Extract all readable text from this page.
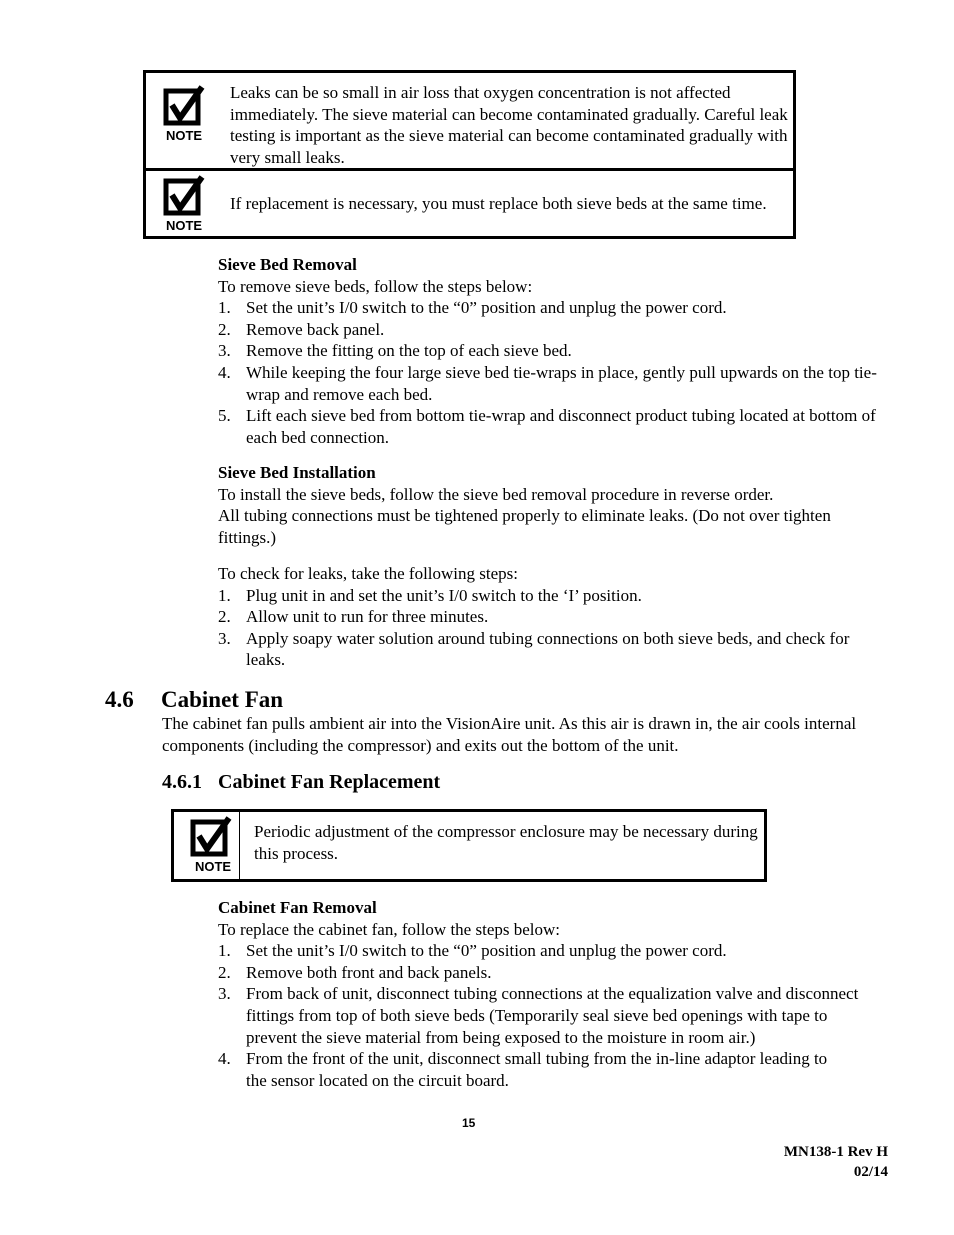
NOTE
Leaks can be so small in air loss that oxygen concentration is not affected immediately. The sieve material can become contaminated gradually. Careful leak testing is important as the sieve material can become contaminated gradually with very small leaks.
NOTE
If replacement is necessary, you must replace both sieve beds at the same time.
Sieve Bed Removal
To remove sieve beds, follow the steps below:
1. Set the unit’s I/0 switch to the “0” position and unplug the power cord.
2. Remove back panel.
3. Remove the fitting on the top of each sieve bed.
4. While keeping the four large sieve bed tie-wraps in place, gently pull upwards on the top tie-wrap and remove each bed.
5. Lift each sieve bed from bottom tie-wrap and disconnect product tubing located at bottom of each bed connection.
Sieve Bed Installation
To install the sieve beds, follow the sieve bed removal procedure in reverse order.
All tubing connections must be tightened properly to eliminate leaks. (Do not over tighten fittings.)
To check for leaks, take the following steps:
1. Plug unit in and set the unit’s I/0 switch to the ‘I’ position.
2. Allow unit to run for three minutes.
3. Apply soapy water solution around tubing connections on both sieve beds, and check for leaks.
4.6 Cabinet Fan
The cabinet fan pulls ambient air into the VisionAire unit. As this air is drawn in, the air cools internal components (including the compressor) and exits out the bottom of the unit.
4.6.1 Cabinet Fan Replacement
NOTE
Periodic adjustment of the compressor enclosure may be necessary during this process.
Cabinet Fan Removal
To replace the cabinet fan, follow the steps below:
1. Set the unit’s I/0 switch to the “0” position and unplug the power cord.
2. Remove both front and back panels.
3. From back of unit, disconnect tubing connections at the equalization valve and disconnect fittings from top of both sieve beds (Temporarily seal sieve bed openings with tape to prevent the sieve material from being exposed to the moisture in room air.)
4. From the front of the unit, disconnect small tubing from the in-line adaptor leading to the sensor located on the circuit board.
15
MN138-1 Rev H
02/14
